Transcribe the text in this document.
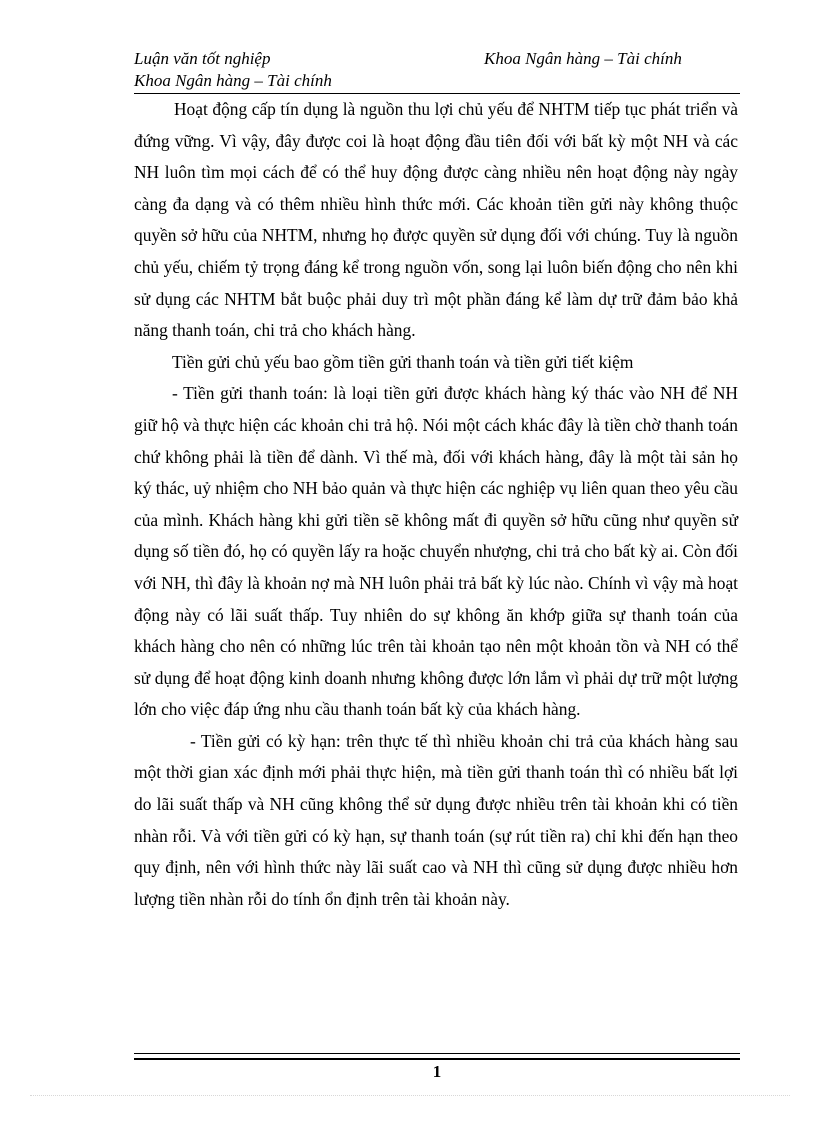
Luận văn tốt nghiệp	Khoa Ngân hàng – Tài chính
Khoa Ngân hàng – Tài chính

Hoạt động cấp tín dụng là nguồn thu lợi chủ yếu để NHTM tiếp tục phát triển và đứng vững. Vì vậy, đây được coi là hoạt động đầu tiên đối với bất kỳ một NH và các NH luôn tìm mọi cách để có thể huy động được càng nhiều nên hoạt động này ngày càng đa dạng và có thêm nhiều hình thức mới. Các khoản tiền gửi này không thuộc quyền sở hữu của NHTM, nhưng họ được quyền sử dụng đối với chúng. Tuy là nguồn chủ yếu, chiếm tỷ trọng đáng kể trong nguồn vốn, song lại luôn biến động cho nên khi sử dụng các NHTM bắt buộc phải duy trì một phần đáng kể làm dự trữ đảm bảo khả năng thanh toán, chi trả cho khách hàng.

Tiền gửi chủ yếu bao gồm tiền gửi thanh toán và tiền gửi tiết kiệm

- Tiền gửi thanh toán: là loại tiền gửi được khách hàng ký thác vào NH để NH giữ hộ và thực hiện các khoản chi trả hộ. Nói một cách khác đây là tiền chờ thanh toán chứ không phải là tiền để dành. Vì thế mà, đối với khách hàng, đây là một tài sản họ ký thác, uỷ nhiệm cho NH bảo quản và thực hiện các nghiệp vụ liên quan theo yêu cầu của mình. Khách hàng khi gửi tiền sẽ không mất đi quyền sở hữu cũng như quyền sử dụng số tiền đó, họ có quyền lấy ra hoặc chuyển nhượng, chi trả cho bất kỳ ai. Còn đối với NH, thì đây là khoản nợ mà NH luôn phải trả bất kỳ lúc nào. Chính vì vậy mà hoạt động này có lãi suất thấp. Tuy nhiên do sự không ăn khớp giữa sự thanh toán của khách hàng cho nên có những lúc trên tài khoản tạo nên một khoản tồn và NH có thể sử dụng để hoạt động kinh doanh nhưng không được lớn lắm vì phải dự trữ một lượng lớn cho việc đáp ứng nhu cầu thanh toán bất kỳ của khách hàng.

- Tiền gửi có kỳ hạn: trên thực tế thì nhiều khoản chi trả của khách hàng sau một thời gian xác định mới phải thực hiện, mà tiền gửi thanh toán thì có nhiều bất lợi do lãi suất thấp và NH cũng không thể sử dụng được nhiều trên tài khoản khi có tiền nhàn rỗi. Và với tiền gửi có kỳ hạn, sự thanh toán (sự rút tiền ra) chỉ khi đến hạn theo quy định, nên với hình thức này lãi suất cao và NH thì cũng sử dụng được nhiều hơn lượng tiền nhàn rỗi do tính ổn định trên tài khoản này.

1
